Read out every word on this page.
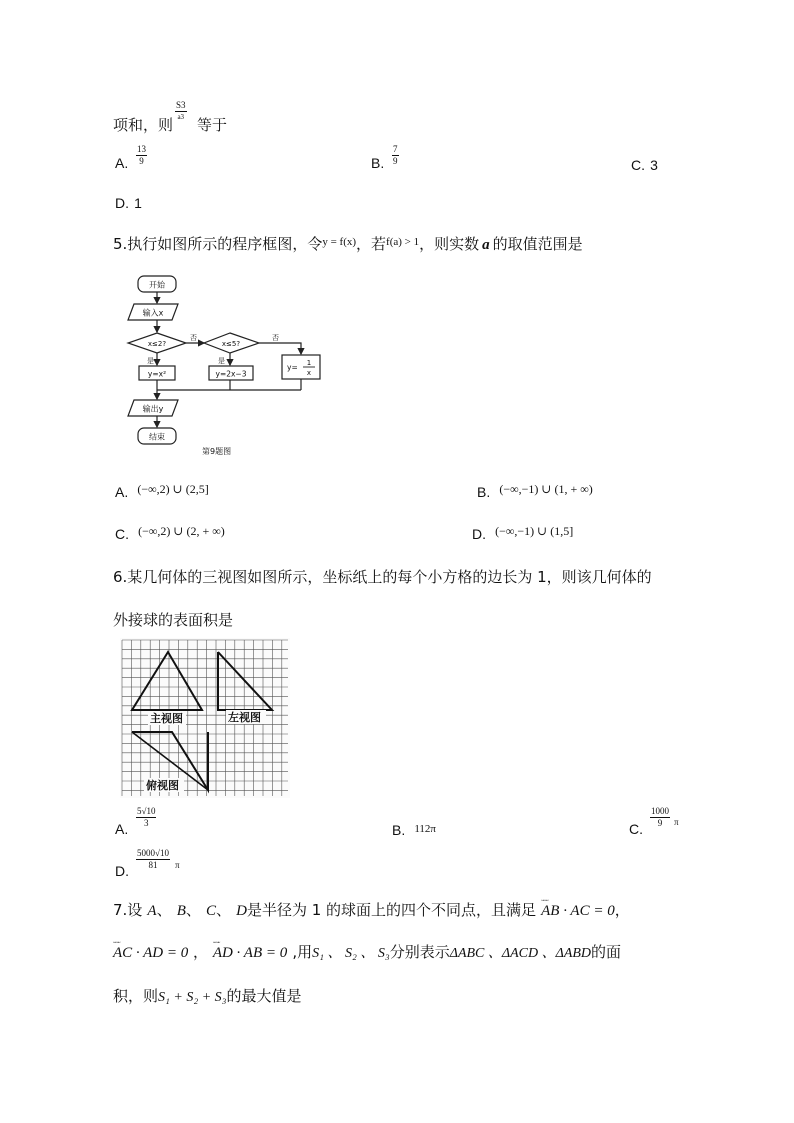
项和，则
S3
a3 等于
A. $\frac{13}{9}$	B. $\frac{7}{9}$	C. 3
D. 1
5.执行如图所示的程序框图，令$^{y = f(x)}$，若$^{f(a) > 1}$，则实数 a 的取值范围是
开始
输入x
x≤2?	x≤5?
否	否
是	是
y=x²	y=2x−3
y= 1
x
输出y
结束
第9题图
A. $^{(-\infty,2) \cup (2,5]}$	B. $^{(-\infty,-1) \cup (1, + \infty)}$
C. $^{(-\infty,2) \cup (2, + \infty)}$	D. $^{(-\infty,-1) \cup (1,5]}$
6.某几何体的三视图如图所示，坐标纸上的每个小方格的边长为 1，则该几何体的
外接球的表面积是
主视图	左视图
俯视图
A. $\frac{5√10}{3}$
B. 112π	C. $\frac{1000}{9}$ π
D. $\frac{5000√10}{81}$ π
7.设 A、 B、 C、 D是半径为 1 的球面上的四个不同点，且满足
ᵕᵕ ᵕᵕ
AB · AC = 0，
ᵕᵕ ᵕᵕ
AC · AD = 0 ，
ᵕᵕ ᵕᵕ
AD · AB = 0 ,用S₁ 、 S₂ 、 S₃分别表示ΔABC 、ΔACD 、ΔABD的面
积，则S₁ + S₂ + S₃的最大值是
